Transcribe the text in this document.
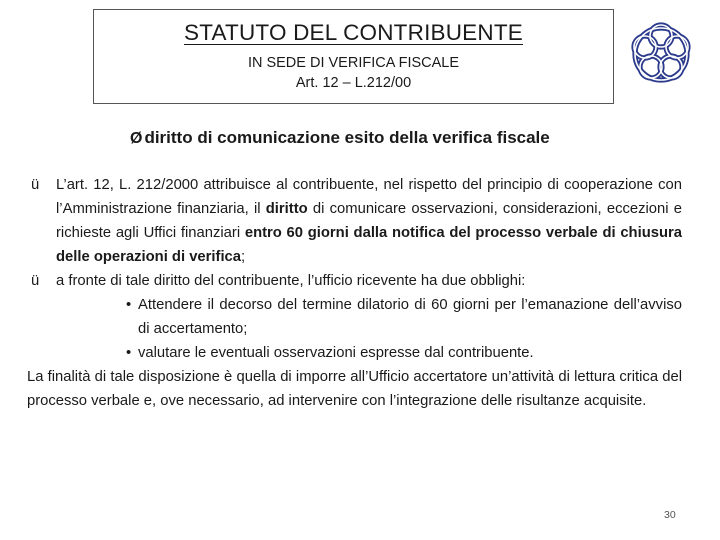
STATUTO DEL CONTRIBUENTE
IN SEDE DI VERIFICA FISCALE
Art. 12 – L.212/00
Ø diritto di comunicazione esito della verifica fiscale
ü L’art. 12, L. 212/2000 attribuisce al contribuente, nel rispetto del principio di cooperazione con l’Amministrazione finanziaria, il diritto di comunicare osservazioni, considerazioni, eccezioni e richieste agli Uffici finanziari entro 60 giorni dalla notifica del processo verbale di chiusura delle operazioni di verifica;
ü a fronte di tale diritto del contribuente, l’ufficio ricevente ha due obblighi:
• Attendere il decorso del termine dilatorio di 60 giorni per l’emanazione dell’avviso di accertamento;
• valutare le eventuali osservazioni espresse dal contribuente.
La finalità di tale disposizione è quella di imporre all’Ufficio accertatore un’attività di lettura critica del processo verbale e, ove necessario, ad intervenire con l’integrazione delle risultanze acquisite.
30
